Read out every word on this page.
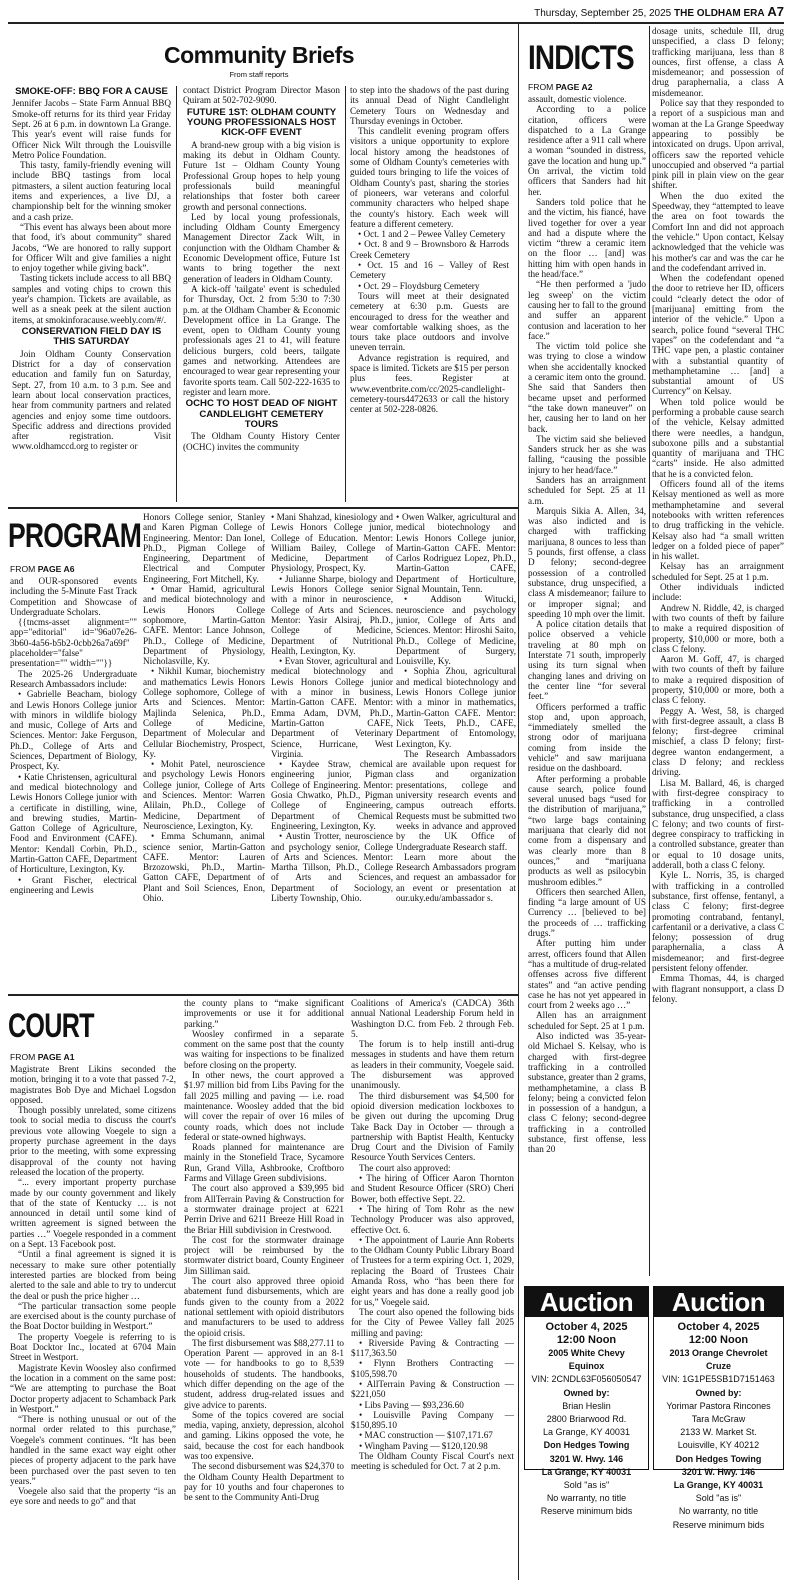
Thursday, September 25, 2025 THE OLDHAM ERA A7
Community Briefs
From staff reports
SMOKE-OFF: BBQ FOR A CAUSE

Jennifer Jacobs – State Farm Annual BBQ Smoke-off returns for its third year Friday Sept. 26 at 6 p.m. in downtown La Grange. This year's event will raise funds for Officer Nick Wilt through the Louisville Metro Police Foundation.

This tasty, family-friendly evening will include BBQ tastings from local pitmasters, a silent auction featuring local items and experiences, a live DJ, a championship belt for the winning smoker and a cash prize.

“This event has always been about more that food, it's about community” shared Jacobs, “We are honored to rally support for Officer Wilt and give families a night to enjoy together while giving back”.

Tasting tickets include access to all BBQ samples and voting chips to crown this year's champion. Tickets are available, as well as a sneak peek at the silent auction items, at smokinforacause.weebly.com/#/.

CONSERVATION FIELD DAY IS THIS SATURDAY

Join Oldham County Conservation District for a day of conservation education and family fun on Saturday, Sept. 27, from 10 a.m. to 3 p.m. See and learn about local conservation practices, hear from community partners and related agencies and enjoy some time outdoors. Specific address and directions provided after registration. Visit www.oldhamccd.org to register or

contact District Program Director Mason Quiram at 502-702-9090.

FUTURE 1ST: OLDHAM COUNTY YOUNG PROFESSIONALS HOST KICK-OFF EVENT

A brand-new group with a big vision is making its debut in Oldham County. Future 1st – Oldham County Young Professional Group hopes to help young professionals build meaningful relationships that foster both career growth and personal connections.

Led by local young professionals, including Oldham County Emergency Management Director Zack Wilt, in conjunction with the Oldham Chamber & Economic Development office, Future 1st wants to bring together the next generation of leaders in Oldham County.

A kick-off 'tailgate' event is scheduled for Thursday, Oct. 2 from 5:30 to 7:30 p.m. at the Oldham Chamber & Economic Development office in La Grange. The event, open to Oldham County young professionals ages 21 to 41, will feature delicious burgers, cold beers, tailgate games and networking. Attendees are encouraged to wear gear representing your favorite sports team. Call 502-222-1635 to register and learn more.

OCHC TO HOST DEAD OF NIGHT CANDLELIGHT CEMETERY TOURS

The Oldham County History Center (OCHC) invites the community

to step into the shadows of the past during its annual Dead of Night Candlelight Cemetery Tours on Wednesday and Thursday evenings in October.

This candlelit evening program offers visitors a unique opportunity to explore local history among the headstones of some of Oldham County's cemeteries with guided tours bringing to life the voices of Oldham County's past, sharing the stories of pioneers, war veterans and colorful community characters who helped shape the county's history. Each week will feature a different cemetery.

• Oct. 1 and 2 – Pewee Valley Cemetery

• Oct. 8 and 9 – Brownsboro & Harrods Creek Cemetery

• Oct. 15 and 16 – Valley of Rest Cemetery

• Oct. 29 – Floydsburg Cemetery

Tours will meet at their designated cemetery at 6:30 p.m. Guests are encouraged to dress for the weather and wear comfortable walking shoes, as the tours take place outdoors and involve uneven terrain.

Advance registration is required, and space is limited. Tickets are $15 per person plus fees. Register at www.eventbrite.com/cc/2025-candlelight-cemetery-tours4472633 or call the history center at 502-228-0826.

INDICTS
FROM PAGE A2

assault, domestic violence.

According to a police citation, officers were dispatched to a La Grange residence after a 911 call where a woman “sounded in distress, gave the location and hung up.” On arrival, the victim told officers that Sanders had hit her.

Sanders told police that he and the victim, his fiancé, have lived together for over a year and had a dispute where the victim “threw a ceramic item on the floor … [and] was hitting him with open hands in the head/face.”

“He then performed a 'judo leg sweep' on the victim causing her to fall to the ground and suffer an apparent contusion and laceration to her face.”

The victim told police she was trying to close a window when she accidentally knocked a ceramic item onto the ground. She said that Sanders then became upset and performed “the take down maneuver” on her, causing her to land on her back.

The victim said she believed Sanders struck her as she was falling, “causing the possible injury to her head/face.”

Sanders has an arraignment scheduled for Sept. 25 at 11 a.m.

Marquis Sikia A. Allen, 34, was also indicted and is charged with trafficking marijuana, 8 ounces to less than 5 pounds, first offense, a class D felony; second-degree possession of a controlled substance, drug unspecified, a class A misdemeanor; failure to or improper signal; and speeding 10 mph over the limit.

A police citation details that police observed a vehicle traveling at 80 mph on Interstate 71 south, improperly using its turn signal when changing lanes and driving on the center line “for several feet.”

Officers performed a traffic stop and, upon approach, “immediately smelled the strong odor of marijuana coming from inside the vehicle” and saw marijuana residue on the dashboard.

After performing a probable cause search, police found several unused bags “used for the distribution of marijuana,” “two large bags containing marijuana that clearly did not come from a dispensary and was clearly more than 8 ounces,” and “marijuana products as well as psilocybin mushroom edibles.”

Officers then searched Allen, finding “a large amount of US Currency … [believed to be] the proceeds of … trafficking drugs.”

After putting him under arrest, officers found that Allen “has a multitude of drug-related offenses across five different states” and “an active pending case he has not yet appeared in court from 2 weeks ago …”

Allen has an arraignment scheduled for Sept. 25 at 1 p.m.

Also indicted was 35-year-old Michael S. Kelsay, who is charged with first-degree trafficking in a controlled substance, greater than 2 grams, methamphetamine, a class B felony; being a convicted felon in possession of a handgun, a class C felony; second-degree trafficking in a controlled substance, first offense, less than 20

dosage units, schedule III, drug unspecified, a class D felony; trafficking marijuana, less than 8 ounces, first offense, a class A misdemeanor; and possession of drug paraphernalia, a class A misdemeanor.

Police say that they responded to a report of a suspicious man and woman at the La Grange Speedway appearing to possibly be intoxicated on drugs. Upon arrival, officers saw the reported vehicle unoccupied and observed “a partial pink pill in plain view on the gear shifter.

When the duo exited the Speedway, they “attempted to leave the area on foot towards the Comfort Inn and did not approach the vehicle.” Upon contact, Kelsay acknowledged that the vehicle was his mother's car and was the car he and the codefendant arrived in.

When the codefendant opened the door to retrieve her ID, officers could “clearly detect the odor of [marijuana] emitting from the interior of the vehicle.” Upon a search, police found “several THC vapes” on the codefendant and “a THC vape pen, a plastic container with a substantial quantity of methamphetamine … [and] a substantial amount of US Currency” on Kelsay.

When told police would be performing a probable cause search of the vehicle, Kelsay admitted there were needles, a handgun, suboxone pills and a substantial quantity of marijuana and THC “carts” inside. He also admitted that he is a convicted felon.

Officers found all of the items Kelsay mentioned as well as more methamphetamine and several notebooks with written references to drug trafficking in the vehicle. Kelsay also had “a small written ledger on a folded piece of paper” in his wallet.

Kelsay has an arraignment scheduled for Sept. 25 at 1 p.m.

Other individuals indicted include:

Andrew N. Riddle, 42, is charged with two counts of theft by failure to make a required disposition of property, $10,000 or more, both a class C felony.

Aaron M. Goff, 47, is charged with two counts of theft by failure to make a required disposition of property, $10,000 or more, both a class C felony.

Peggy A. West, 58, is charged with first-degree assault, a class B felony; first-degree criminal mischief, a class D felony; first-degree wanton endangerment, a class D felony; and reckless driving.

Lisa M. Ballard, 46, is charged with first-degree conspiracy to trafficking in a controlled substance, drug unspecified, a class C felony; and two counts of first-degree conspiracy to trafficking in a controlled substance, greater than or equal to 10 dosage units, adderall, both a class C felony.

Kyle L. Norris, 35, is charged with trafficking in a controlled substance, first offense, fentanyl, a class C felony; first-degree promoting contraband, fentanyl, carfentanil or a derivative, a class C felony; possession of drug paraphernalia, a class A misdemeanor; and first-degree persistent felony offender.

Emma Thomas, 44, is charged with flagrant nonsupport, a class D felony.

PROGRAM
FROM PAGE A6

and OUR-sponsored events including the 5-Minute Fast Track Competition and Showcase of Undergraduate Scholars.

{{tncms-asset alignment="" app="editorial" id="96a07e26-3b60-4a56-b5b2-0cbb26a7a69f" placeholder="false" presentation="" width=""}}

The 2025-26 Undergraduate Research Ambassadors include:

• Gabrielle Beacham, biology and Lewis Honors College junior with minors in wildlife biology and music, College of Arts and Sciences. Mentor: Jake Ferguson, Ph.D., College of Arts and Sciences, Department of Biology, Prospect, Ky.

• Katie Christensen, agricultural and medical biotechnology and Lewis Honors College junior with a certificate in distilling, wine, and brewing studies, Martin-Gatton College of Agriculture, Food and Environment (CAFE). Mentor: Kendall Corbin, Ph.D., Martin-Gatton CAFE, Department of Horticulture, Lexington, Ky.

• Grant Fischer, electrical engineering and Lewis

Honors College senior, Stanley and Karen Pigman College of Engineering. Mentor: Dan Ionel, Ph.D., Pigman College of Engineering, Department of Electrical and Computer Engineering, Fort Mitchell, Ky.

• Omar Hamid, agricultural and medical biotechnology and Lewis Honors College sophomore, Martin-Gatton CAFE. Mentor: Lance Johnson, Ph.D., College of Medicine, Department of Physiology, Nicholasville, Ky.

• Nikhil Kumar, biochemistry and mathematics Lewis Honors College sophomore, College of Arts and Sciences. Mentor: Majlinda Selenica, Ph.D., College of Medicine, Department of Molecular and Cellular Biochemistry, Prospect, Ky.

• Mohit Patel, neuroscience and psychology Lewis Honors College junior, College of Arts and Sciences. Mentor: Warren Alilain, Ph.D., College of Medicine, Department of Neuroscience, Lexington, Ky.

• Emma Schumann, animal science senior, Martin-Gatton CAFE. Mentor: Lauren Brzozowski, Ph.D., Martin-Gatton CAFE, Department of Plant and Soil Sciences, Enon, Ohio.

• Mani Shahzad, kinesiology and Lewis Honors College junior, College of Education. Mentor: William Bailey, College of Medicine, Department of Physiology, Prospect, Ky.

• Julianne Sharpe, biology and Lewis Honors College senior with a minor in neuroscience, College of Arts and Sciences. Mentor: Yasir Alsiraj, Ph.D., College of Medicine, Department of Nutritional Health, Lexington, Ky.

• Evan Stover, agricultural and medical biotechnology and Lewis Honors College junior with a minor in business, Martin-Gatton CAFE. Mentor: Emma Adam, DVM, Ph.D., Martin-Gatton CAFE, Department of Veterinary Science, Hurricane, West Virginia.

• Kaydee Straw, chemical engineering junior, Pigman College of Engineering. Mentor: Gosia Chwatko, Ph.D., Pigman College of Engineering, Department of Chemical Engineering, Lexington, Ky.

• Austin Trotter, neuroscience and psychology senior, College of Arts and Sciences. Mentor: Martha Tillson, Ph.D., College of Arts and Sciences, Department of Sociology, Liberty Township, Ohio.

• Owen Walker, agricultural and medical biotechnology and Lewis Honors College junior, Martin-Gatton CAFE. Mentor: Carlos Rodriguez Lopez, Ph.D., Martin-Gatton CAFE, Department of Horticulture, Signal Mountain, Tenn.

• Addison Witucki, neuroscience and psychology junior, College of Arts and Sciences. Mentor: Hiroshi Saito, Ph.D., College of Medicine, Department of Surgery, Louisville, Ky.

• Sophia Zhou, agricultural and medical biotechnology and Lewis Honors College junior with a minor in mathematics, Martin-Gatton CAFE. Mentor: Nick Teets, Ph.D., CAFE, Department of Entomology, Lexington, Ky.

The Research Ambassadors are available upon request for class and organization presentations, college and university research events and campus outreach efforts. Requests must be submitted two weeks in advance and approved by the UK Office of Undergraduate Research staff.

Learn more about the Research Ambassadors program and request an ambassador for an event or presentation at our.uky.edu/ambassador s.

COURT
FROM PAGE A1

Magistrate Brent Likins seconded the motion, bringing it to a vote that passed 7-2, magistrates Bob Dye and Michael Logsdon opposed.

Though possibly unrelated, some citizens took to social media to discuss the court's previous vote allowing Voegele to sign a property purchase agreement in the days prior to the meeting, with some expressing disapproval of the county not having released the location of the property.

“... every important property purchase made by our county government and likely that of the state of Kentucky … is not announced in detail until some kind of written agreement is signed between the parties …” Voegele responded in a comment on a Sept. 13 Facebook post.

“Until a final agreement is signed it is necessary to make sure other potentially interested parties are blocked from being alerted to the sale and able to try to undercut the deal or push the price higher …

“The particular transaction some people are exercised about is the county purchase of the Boat Doctor building in Westport.”

The property Voegele is referring to is Boat Docktor Inc., located at 6704 Main Street in Westport.

Magistrate Kevin Woosley also confirmed the location in a comment on the same post: “We are attempting to purchase the Boat Doctor property adjacent to Schamback Park in Westport.”

“There is nothing unusual or out of the normal order related to this purchase,” Voegele's comment continues. “It has been handled in the same exact way eight other pieces of property adjacent to the park have been purchased over the past seven to ten years.”

Voegele also said that the property “is an eye sore and needs to go” and that

the county plans to “make significant improvements or use it for additional parking.”

Woosley confirmed in a separate comment on the same post that the county was waiting for inspections to be finalized before closing on the property.

In other news, the court approved a $1.97 million bid from Libs Paving for the fall 2025 milling and paving — i.e. road maintenance. Woosley added that the bid will cover the repair of over 16 miles of county roads, which does not include federal or state-owned highways.

Roads planned for maintenance are mainly in the Stonefield Trace, Sycamore Run, Grand Villa, Ashbrooke, Croftboro Farms and Village Green subdivisions.

The court also approved a $39,995 bid from AllTerrain Paving & Construction for a stormwater drainage project at 6221 Perrin Drive and 6211 Breeze Hill Road in the Briar Hill subdivision in Crestwood.

The cost for the stormwater drainage project will be reimbursed by the stormwater district board, County Engineer Jim Silliman said.

The court also approved three opioid abatement fund disbursements, which are funds given to the county from a 2022 national settlement with opioid distributors and manufacturers to be used to address the opioid crisis.

The first disbursement was $88,277.11 to Operation Parent — approved in an 8-1 vote — for handbooks to go to 8,539 households of students. The handbooks, which differ depending on the age of the student, address drug-related issues and give advice to parents.

Some of the topics covered are social media, vaping, anxiety, depression, alcohol and gaming. Likins opposed the vote, he said, because the cost for each handbook was too expensive.

The second disbursement was $24,370 to the Oldham County Health Department to pay for 10 youths and four chaperones to be sent to the Community Anti-Drug

Coalitions of America's (CADCA) 36th annual National Leadership Forum held in Washington D.C. from Feb. 2 through Feb. 5.

The forum is to help instill anti-drug messages in students and have them return as leaders in their community, Voegele said. The disbursement was approved unanimously.

The third disbursement was $4,500 for opioid diversion medication lockboxes to be given out during the upcoming Drug Take Back Day in October — through a partnership with Baptist Health, Kentucky Drug Court and the Division of Family Resource Youth Services Centers.

The court also approved:

• The hiring of Officer Aaron Thornton and Student Resource Officer (SRO) Cheri Bower, both effective Sept. 22.

• The hiring of Tom Rohr as the new Technology Producer was also approved, effective Oct. 6.

• The appointment of Laurie Ann Roberts to the Oldham County Public Library Board of Trustees for a term expiring Oct. 1, 2029, replacing the Board of Trustees Chair Amanda Ross, who “has been there for eight years and has done a really good job for us,” Voegele said.

The court also opened the following bids for the City of Pewee Valley fall 2025 milling and paving:

• Riverside Paving & Contracting — $117,363.50

• Flynn Brothers Contracting — $105,598.70

• AllTerrain Paving & Construction — $221,050

• Libs Paving — $93,236.60

• Louisville Paving Company — $150,895.10

• MAC construction — $107,171.67

• Wingham Paving — $120,120.98

The Oldham County Fiscal Court's next meeting is scheduled for Oct. 7 at 2 p.m.

Auction
October 4, 2025
12:00 Noon
2005 White Chevy
Equinox
VIN: 2CNDL63F056050547
Owned by:
Brian Heslin
2800 Briarwood Rd.
La Grange, KY 40031
Don Hedges Towing
3201 W. Hwy. 146
La Grange, KY 40031
Sold "as is"
No warranty, no title
Reserve minimum bids
Auction
October 4, 2025
12:00 Noon
2013 Orange Chevrolet
Cruze
VIN: 1G1PE5SB1D7151463
Owned by:
Yorimar Pastora Rincones
Tara McGraw
2133 W. Market St.
Louisville, KY 40212
Don Hedges Towing
3201 W. Hwy. 146
La Grange, KY 40031
Sold "as is"
No warranty, no title
Reserve minimum bids
